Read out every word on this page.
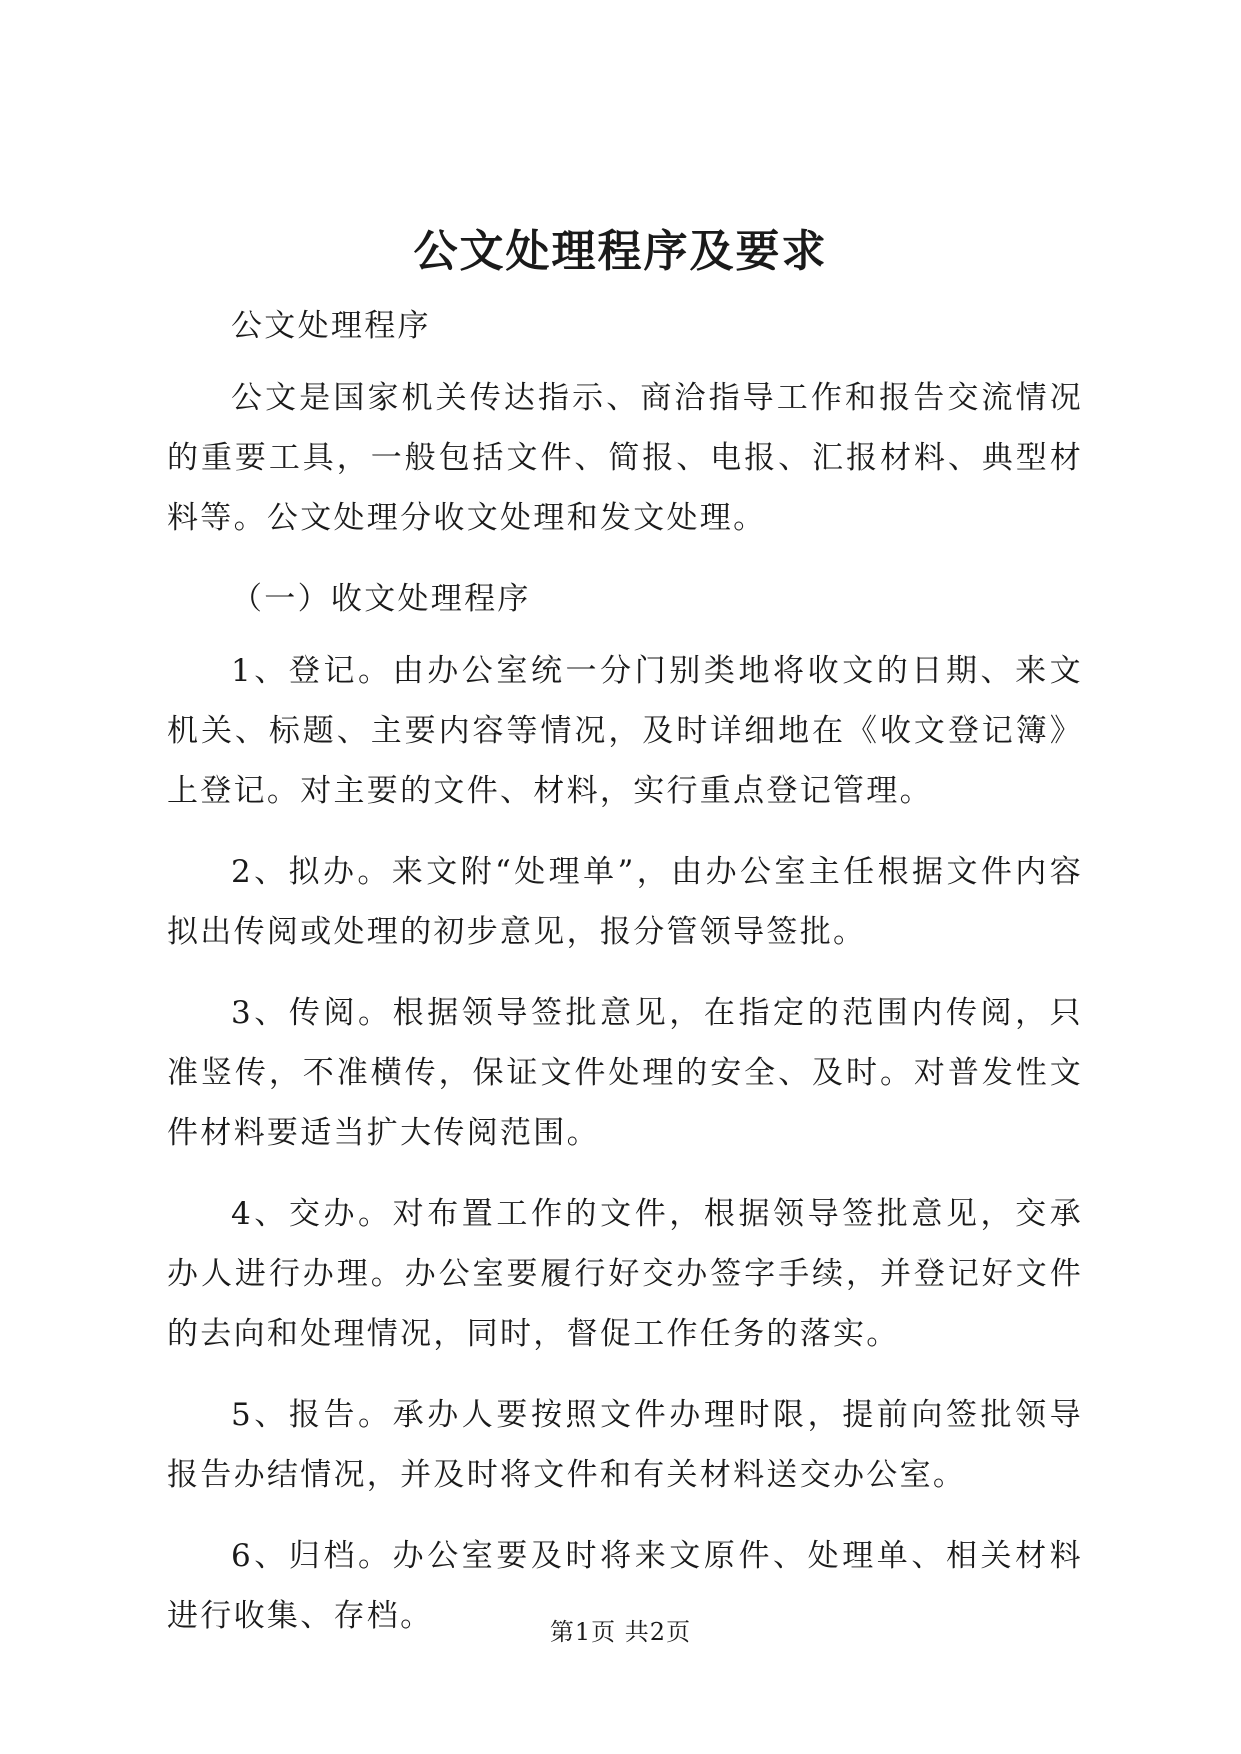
公文处理程序及要求

公文处理程序

公文是国家机关传达指示、商洽指导工作和报告交流情况的重要工具，一般包括文件、简报、电报、汇报材料、典型材料等。公文处理分收文处理和发文处理。

（一）收文处理程序

1、登记。由办公室统一分门别类地将收文的日期、来文机关、标题、主要内容等情况，及时详细地在《收文登记簿》上登记。对主要的文件、材料，实行重点登记管理。

2、拟办。来文附“处理单”，由办公室主任根据文件内容拟出传阅或处理的初步意见，报分管领导签批。

3、传阅。根据领导签批意见，在指定的范围内传阅，只准竖传，不准横传，保证文件处理的安全、及时。对普发性文件材料要适当扩大传阅范围。

4、交办。对布置工作的文件，根据领导签批意见，交承办人进行办理。办公室要履行好交办签字手续，并登记好文件的去向和处理情况，同时，督促工作任务的落实。

5、报告。承办人要按照文件办理时限，提前向签批领导报告办结情况，并及时将文件和有关材料送交办公室。

6、归档。办公室要及时将来文原件、处理单、相关材料进行收集、存档。	第1页 共2页
